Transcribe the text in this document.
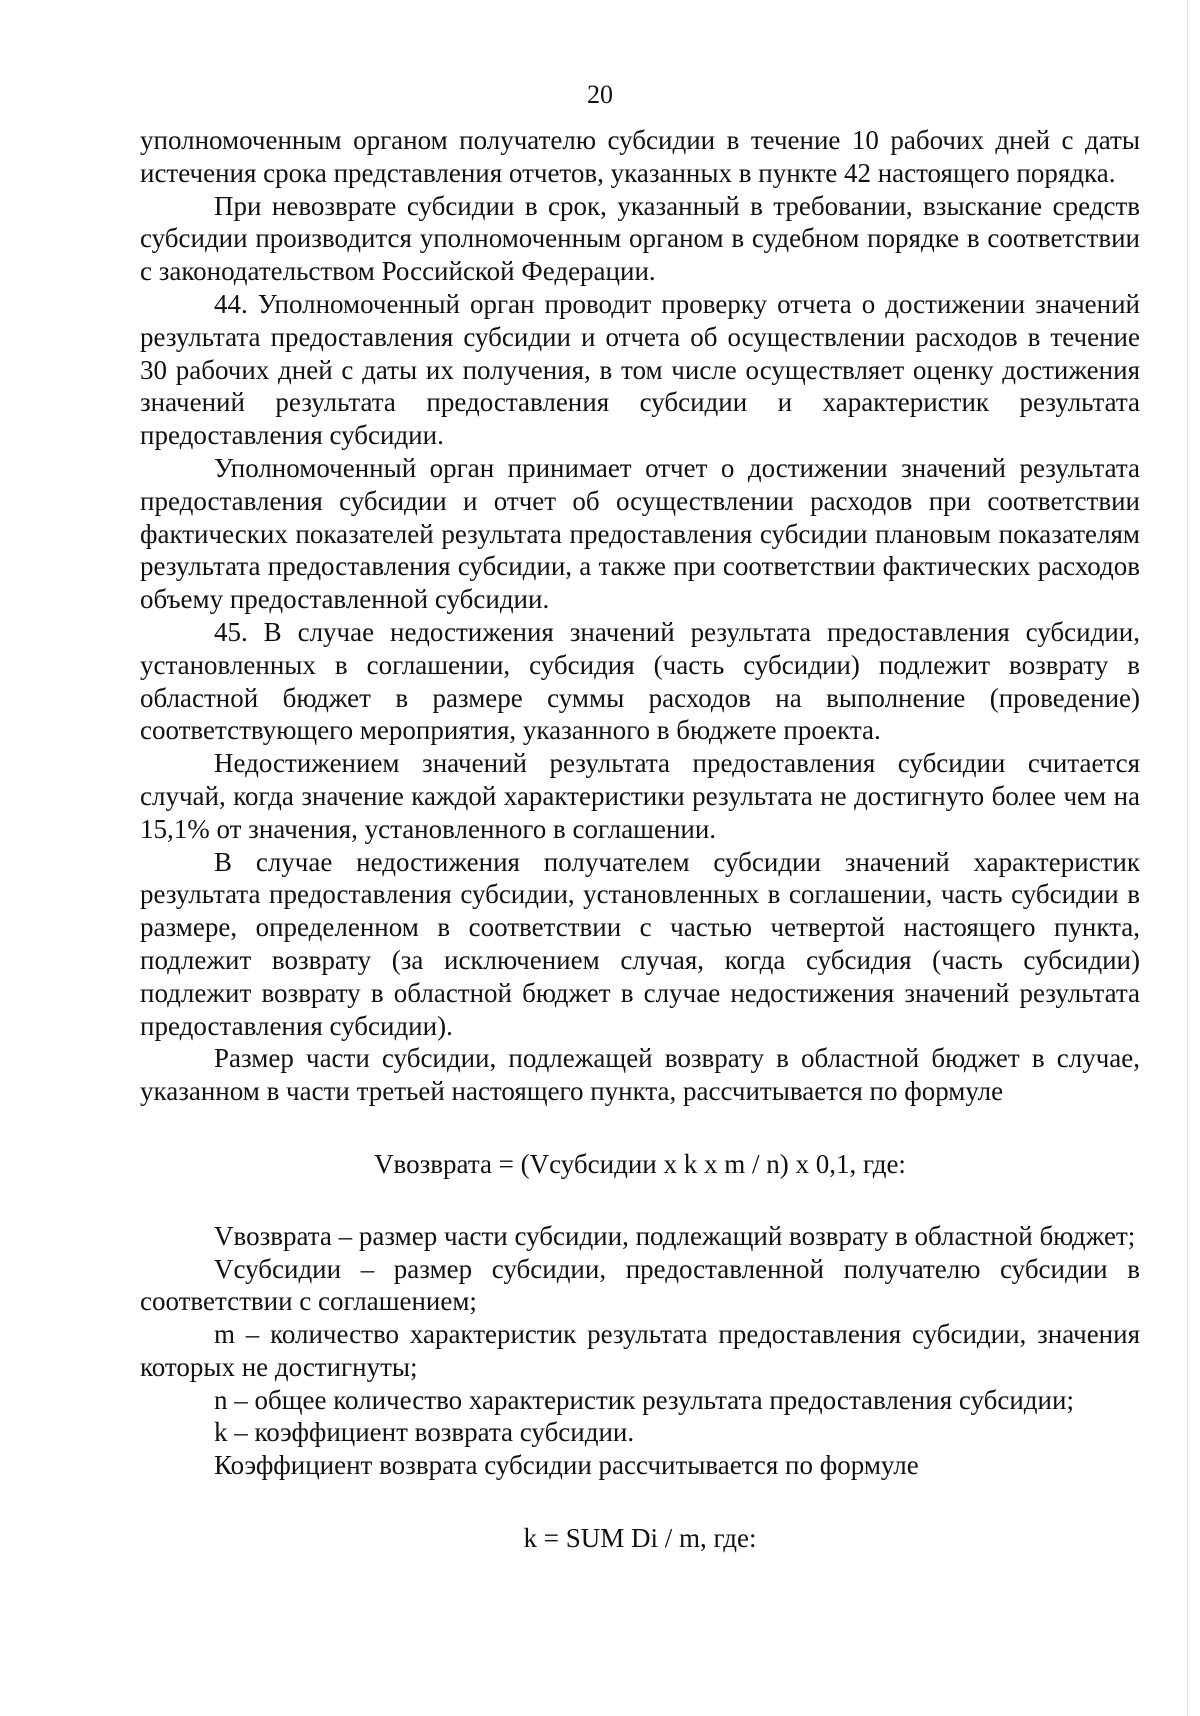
20

уполномоченным органом получателю субсидии в течение 10 рабочих дней с даты истечения срока представления отчетов, указанных в пункте 42 настоящего порядка.

При невозврате субсидии в срок, указанный в требовании, взыскание средств субсидии производится уполномоченным органом в судебном порядке в соответствии с законодательством Российской Федерации.

44. Уполномоченный орган проводит проверку отчета о достижении значений результата предоставления субсидии и отчета об осуществлении расходов в течение 30 рабочих дней с даты их получения, в том числе осуществляет оценку достижения значений результата предоставления субсидии и характеристик результата предоставления субсидии.

Уполномоченный орган принимает отчет о достижении значений результата предоставления субсидии и отчет об осуществлении расходов при соответствии фактических показателей результата предоставления субсидии плановым показателям результата предоставления субсидии, а также при соответствии фактических расходов объему предоставленной субсидии.

45. В случае недостижения значений результата предоставления субсидии, установленных в соглашении, субсидия (часть субсидии) подлежит возврату в областной бюджет в размере суммы расходов на выполнение (проведение) соответствующего мероприятия, указанного в бюджете проекта.

Недостижением значений результата предоставления субсидии считается случай, когда значение каждой характеристики результата не достигнуто более чем на 15,1% от значения, установленного в соглашении.

В случае недостижения получателем субсидии значений характеристик результата предоставления субсидии, установленных в соглашении, часть субсидии в размере, определенном в соответствии с частью четвертой настоящего пункта, подлежит возврату (за исключением случая, когда субсидия (часть субсидии) подлежит возврату в областной бюджет в случае недостижения значений результата предоставления субсидии).

Размер части субсидии, подлежащей возврату в областной бюджет в случае, указанном в части третьей настоящего пункта, рассчитывается по формуле

Vвозврата = (Vсубсидии x k x m / n) x 0,1, где:

Vвозврата – размер части субсидии, подлежащий возврату в областной бюджет;

Vсубсидии – размер субсидии, предоставленной получателю субсидии в соответствии с соглашением;

m – количество характеристик результата предоставления субсидии, значения которых не достигнуты;

n – общее количество характеристик результата предоставления субсидии;

k – коэффициент возврата субсидии.

Коэффициент возврата субсидии рассчитывается по формуле

k = SUM Di / m, где:
